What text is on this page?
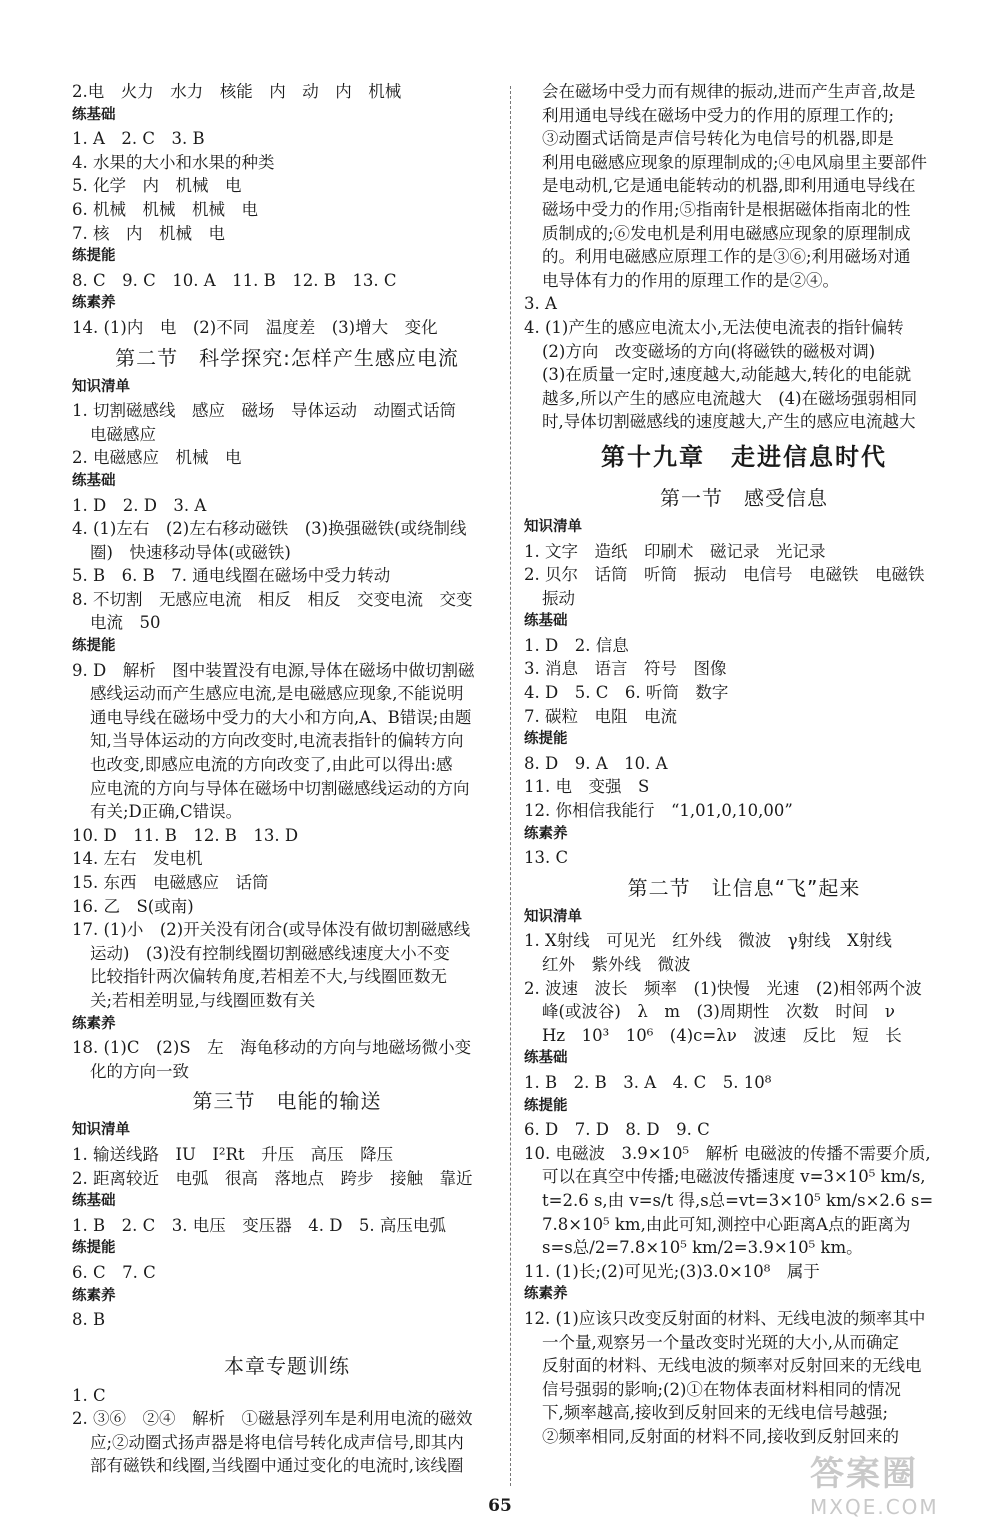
2.电　火力　水力　核能　内　动　内　机械
练基础
1. A　2. C　3. B
4. 水果的大小和水果的种类
5. 化学　内　机械　电
6. 机械　机械　机械　电
7. 核　内　机械　电
练提能
8. C　9. C　10. A　11. B　12. B　13. C
练素养
14. (1)内　电　(2)不同　温度差　(3)增大　变化
第二节　科学探究:怎样产生感应电流
知识清单
1. 切割磁感线　感应　磁场　导体运动　动圈式话筒
电磁感应
2. 电磁感应　机械　电
练基础
1. D　2. D　3. A
4. (1)左右　(2)左右移动磁铁　(3)换强磁铁(或绕制线
圈)　快速移动导体(或磁铁)
5. B　6. B　7. 通电线圈在磁场中受力转动
8. 不切割　无感应电流　相反　相反　交变电流　交变
电流　50
练提能
9. D　解析　图中装置没有电源,导体在磁场中做切割磁
感线运动而产生感应电流,是电磁感应现象,不能说明
通电导线在磁场中受力的大小和方向,A、B错误;由题
知,当导体运动的方向改变时,电流表指针的偏转方向
也改变,即感应电流的方向改变了,由此可以得出:感
应电流的方向与导体在磁场中切割磁感线运动的方向
有关;D正确,C错误。
10. D　11. B　12. B　13. D
14. 左右　发电机
15. 东西　电磁感应　话筒
16. 乙　S(或南)
17. (1)小　(2)开关没有闭合(或导体没有做切割磁感线
运动)　(3)没有控制线圈切割磁感线速度大小不变
比较指针两次偏转角度,若相差不大,与线圈匝数无
关;若相差明显,与线圈匝数有关
练素养
18. (1)C　(2)S　左　海龟移动的方向与地磁场微小变
化的方向一致
第三节　电能的输送
知识清单
1. 输送线路　IU　I²Rt　升压　高压　降压
2. 距离较近　电弧　很高　落地点　跨步　接触　靠近
练基础
1. B　2. C　3. 电压　变压器　4. D　5. 高压电弧
练提能
6. C　7. C
练素养
8. B
本章专题训练
1. C
2. ③⑥　②④　解析　①磁悬浮列车是利用电流的磁效
应;②动圈式扬声器是将电信号转化成声信号,即其内
部有磁铁和线圈,当线圈中通过变化的电流时,该线圈
会在磁场中受力而有规律的振动,进而产生声音,故是
利用通电导线在磁场中受力的作用的原理工作的;
③动圈式话筒是声信号转化为电信号的机器,即是
利用电磁感应现象的原理制成的;④电风扇里主要部件
是电动机,它是通电能转动的机器,即利用通电导线在
磁场中受力的作用;⑤指南针是根据磁体指南北的性
质制成的;⑥发电机是利用电磁感应现象的原理制成
的。利用电磁感应原理工作的是③⑥;利用磁场对通
电导体有力的作用的原理工作的是②④。
3. A
4. (1)产生的感应电流太小,无法使电流表的指针偏转
(2)方向　改变磁场的方向(将磁铁的磁极对调)
(3)在质量一定时,速度越大,动能越大,转化的电能就
越多,所以产生的感应电流越大　(4)在磁场强弱相同
时,导体切割磁感线的速度越大,产生的感应电流越大
第十九章　走进信息时代
第一节　感受信息
知识清单
1. 文字　造纸　印刷术　磁记录　光记录
2. 贝尔　话筒　听筒　振动　电信号　电磁铁　电磁铁
振动
练基础
1. D　2. 信息
3. 消息　语言　符号　图像
4. D　5. C　6. 听筒　数字
7. 碳粒　电阻　电流
练提能
8. D　9. A　10. A
11. 电　变强　S
12. 你相信我能行　“1,01,0,10,00”
练素养
13. C
第二节　让信息“飞”起来
知识清单
1. X射线　可见光　红外线　微波　γ射线　X射线
红外　紫外线　微波
2. 波速　波长　频率　(1)快慢　光速　(2)相邻两个波
峰(或波谷)　λ　m　(3)周期性　次数　时间　ν
Hz　10³　10⁶　(4)c=λν　波速　反比　短　长
练基础
1. B　2. B　3. A　4. C　5. 10⁸
练提能
6. D　7. D　8. D　9. C
10. 电磁波　3.9×10⁵　解析 电磁波的传播不需要介质,
可以在真空中传播;电磁波传播速度 v=3×10⁵ km/s,
t=2.6 s,由 v=s/t 得,s总=vt=3×10⁵ km/s×2.6 s=
7.8×10⁵ km,由此可知,测控中心距离A点的距离为
s=s总/2=7.8×10⁵ km/2=3.9×10⁵ km。
11. (1)长;(2)可见光;(3)3.0×10⁸　属于
练素养
12. (1)应该只改变反射面的材料、无线电波的频率其中
一个量,观察另一个量改变时光斑的大小,从而确定
反射面的材料、无线电波的频率对反射回来的无线电
信号强弱的影响;(2)①在物体表面材料相同的情况
下,频率越高,接收到反射回来的无线电信号越强;
②频率相同,反射面的材料不同,接收到反射回来的
65
答案圈
MXQE.COM
